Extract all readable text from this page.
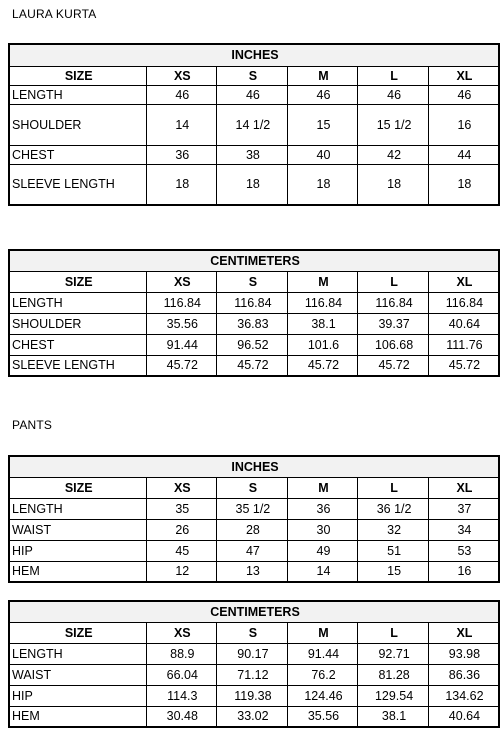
LAURA KURTA
INCHES					
SIZE	XS	S	M	L	XL
LENGTH	46	46	46	46	46
SHOULDER	14	14 1/2	15	15 1/2	16
CHEST	36	38	40	42	44
SLEEVE LENGTH	18	18	18	18	18
CENTIMETERS					
SIZE	XS	S	M	L	XL
LENGTH	116.84	116.84	116.84	116.84	116.84
SHOULDER	35.56	36.83	38.1	39.37	40.64
CHEST	91.44	96.52	101.6	106.68	111.76
SLEEVE LENGTH	45.72	45.72	45.72	45.72	45.72
PANTS
INCHES					
SIZE	XS	S	M	L	XL
LENGTH	35	35 1/2	36	36 1/2	37
WAIST	26	28	30	32	34
HIP	45	47	49	51	53
HEM	12	13	14	15	16
CENTIMETERS					
SIZE	XS	S	M	L	XL
LENGTH	88.9	90.17	91.44	92.71	93.98
WAIST	66.04	71.12	76.2	81.28	86.36
HIP	114.3	119.38	124.46	129.54	134.62
HEM	30.48	33.02	35.56	38.1	40.64
